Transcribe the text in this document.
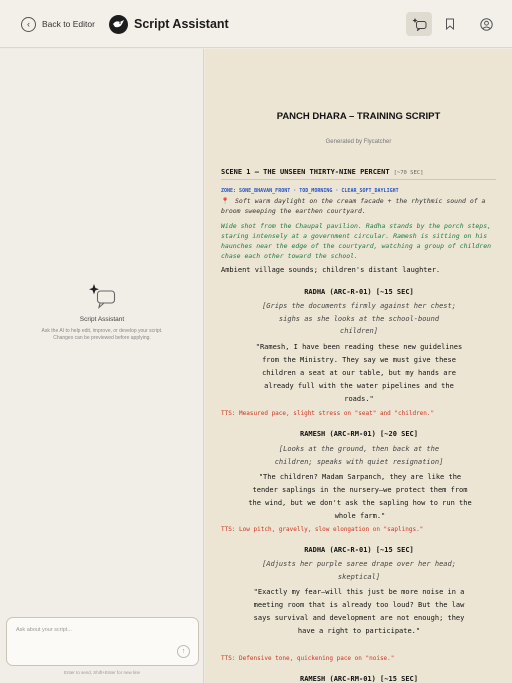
‹	Back to Editor	Script Assistant
Script Assistant
Ask the AI to help edit, improve, or develop your script. Changes can be previewed before applying.
Ask about your script...
↑
Enter to send, Shift+Enter for new line
PANCH DHARA – TRAINING SCRIPT
Generated by Flycatcher
SCENE 1 — THE UNSEEN THIRTY-NINE PERCENT [~70 SEC]
ZONE: SONE_BHAVAN_FRONT · TOD_MORNING · CLEAR_SOFT_DAYLIGHT
📍 Soft warm daylight on the cream facade + the rhythmic sound of a broom sweeping the earthen courtyard.
Wide shot from the Chaupal pavilion. Radha stands by the porch steps, staring intensely at a government circular. Ramesh is sitting on his haunches near the edge of the courtyard, watching a group of children chase each other toward the school.
Ambient village sounds; children's distant laughter.
RADHA (ARC-R-01) [~15 SEC]
[Grips the documents firmly against her chest; sighs as she looks at the school-bound children]
"Ramesh, I have been reading these new guidelines from the Ministry. They say we must give these children a seat at our table, but my hands are already full with the water pipelines and the roads."
TTS: Measured pace, slight stress on "seat" and "children."
RAMESH (ARC-RM-01) [~20 SEC]
[Looks at the ground, then back at the children; speaks with quiet resignation]
"The children? Madam Sarpanch, they are like the tender saplings in the nursery—we protect them from the wind, but we don't ask the sapling how to run the whole farm."
TTS: Low pitch, gravelly, slow elongation on "saplings."
RADHA (ARC-R-01) [~15 SEC]
[Adjusts her purple saree drape over her head; skeptical]
"Exactly my fear—will this just be more noise in a meeting room that is already too loud? But the law says survival and development are not enough; they have a right to participate."
TTS: Defensive tone, quickening pace on "noise."
RAMESH (ARC-RM-01) [~15 SEC]
